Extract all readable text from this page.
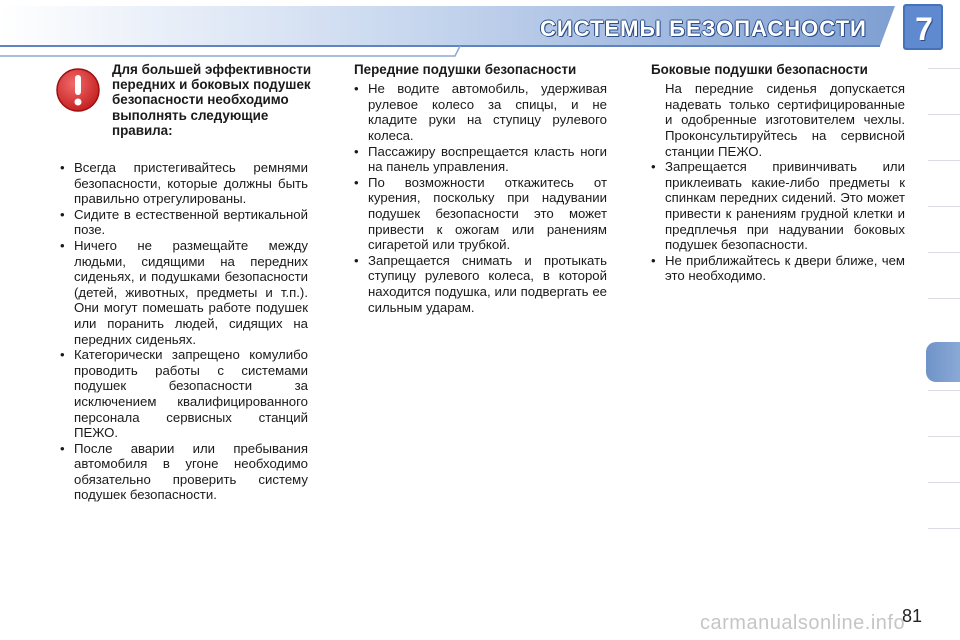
СИСТЕМЫ БЕЗОПАСНОСТИ 7
Для большей эффективности передних и боковых подушек безопасности необходимо выполнять следующие правила:
• Всегда пристегивайтесь ремнями безопасности, которые должны быть правильно отрегулированы.
• Сидите в естественной вертикальной позе.
• Ничего не размещайте между людьми, сидящими на передних сиденьях, и подушками безопасности (детей, животных, предметы и т.п.). Они могут помешать работе подушек или поранить людей, сидящих на передних сиденьях.
• Категорически запрещено комулибо проводить работы с системами подушек безопасности за исключением квалифицированного персонала сервисных станций ПЕЖО.
• После аварии или пребывания автомобиля в угоне необходимо обязательно проверить систему подушек безопасности.
Передние подушки безопасности
• Не водите автомобиль, удерживая рулевое колесо за спицы, и не кладите руки на ступицу рулевого колеса.
• Пассажиру воспрещается класть ноги на панель управления.
• По возможности откажитесь от курения, поскольку при надувании подушек безопасности это может привести к ожогам или ранениям сигаретой или трубкой.
• Запрещается снимать и протыкать ступицу рулевого колеса, в которой находится подушка, или подвергать ее сильным ударам.
Боковые подушки безопасности
На передние сиденья допускается надевать только сертифицированные и одобренные изготовителем чехлы. Проконсультируйтесь на сервисной станции ПЕЖО.
• Запрещается привинчивать или приклеивать какие-либо предметы к спинкам передних сидений. Это может привести к ранениям грудной клетки и предплечья при надувании боковых подушек безопасности.
• Не приближайтесь к двери ближе, чем это необходимо.
carmanualsonline.info
81
